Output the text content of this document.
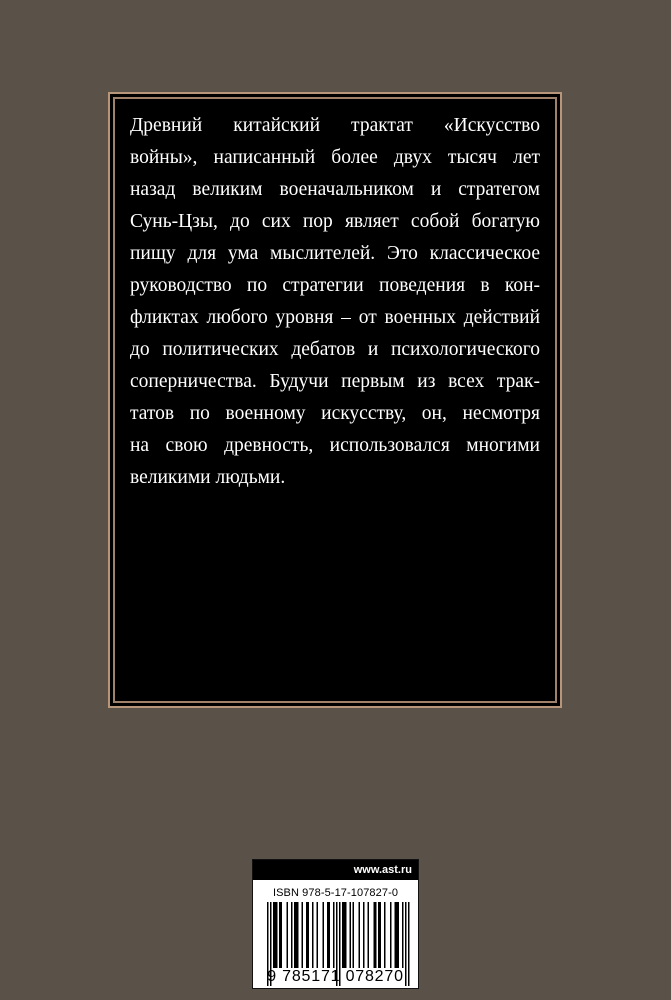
Древний китайский трактат «Искусство
войны», написанный более двух тысяч лет
назад великим военачальником и стратегом
Сунь-Цзы, до сих пор являет собой богатую
пищу для ума мыслителей. Это классическое
руководство по стратегии поведения в кон-
фликтах любого уровня – от военных действий
до политических дебатов и психологического
соперничества. Будучи первым из всех трак-
татов по военному искусству, он, несмотря
на свою древность, использовался многими
великими людьми.
www.ast.ru
ISBN 978-5-17-107827-0
9 785171 078270
